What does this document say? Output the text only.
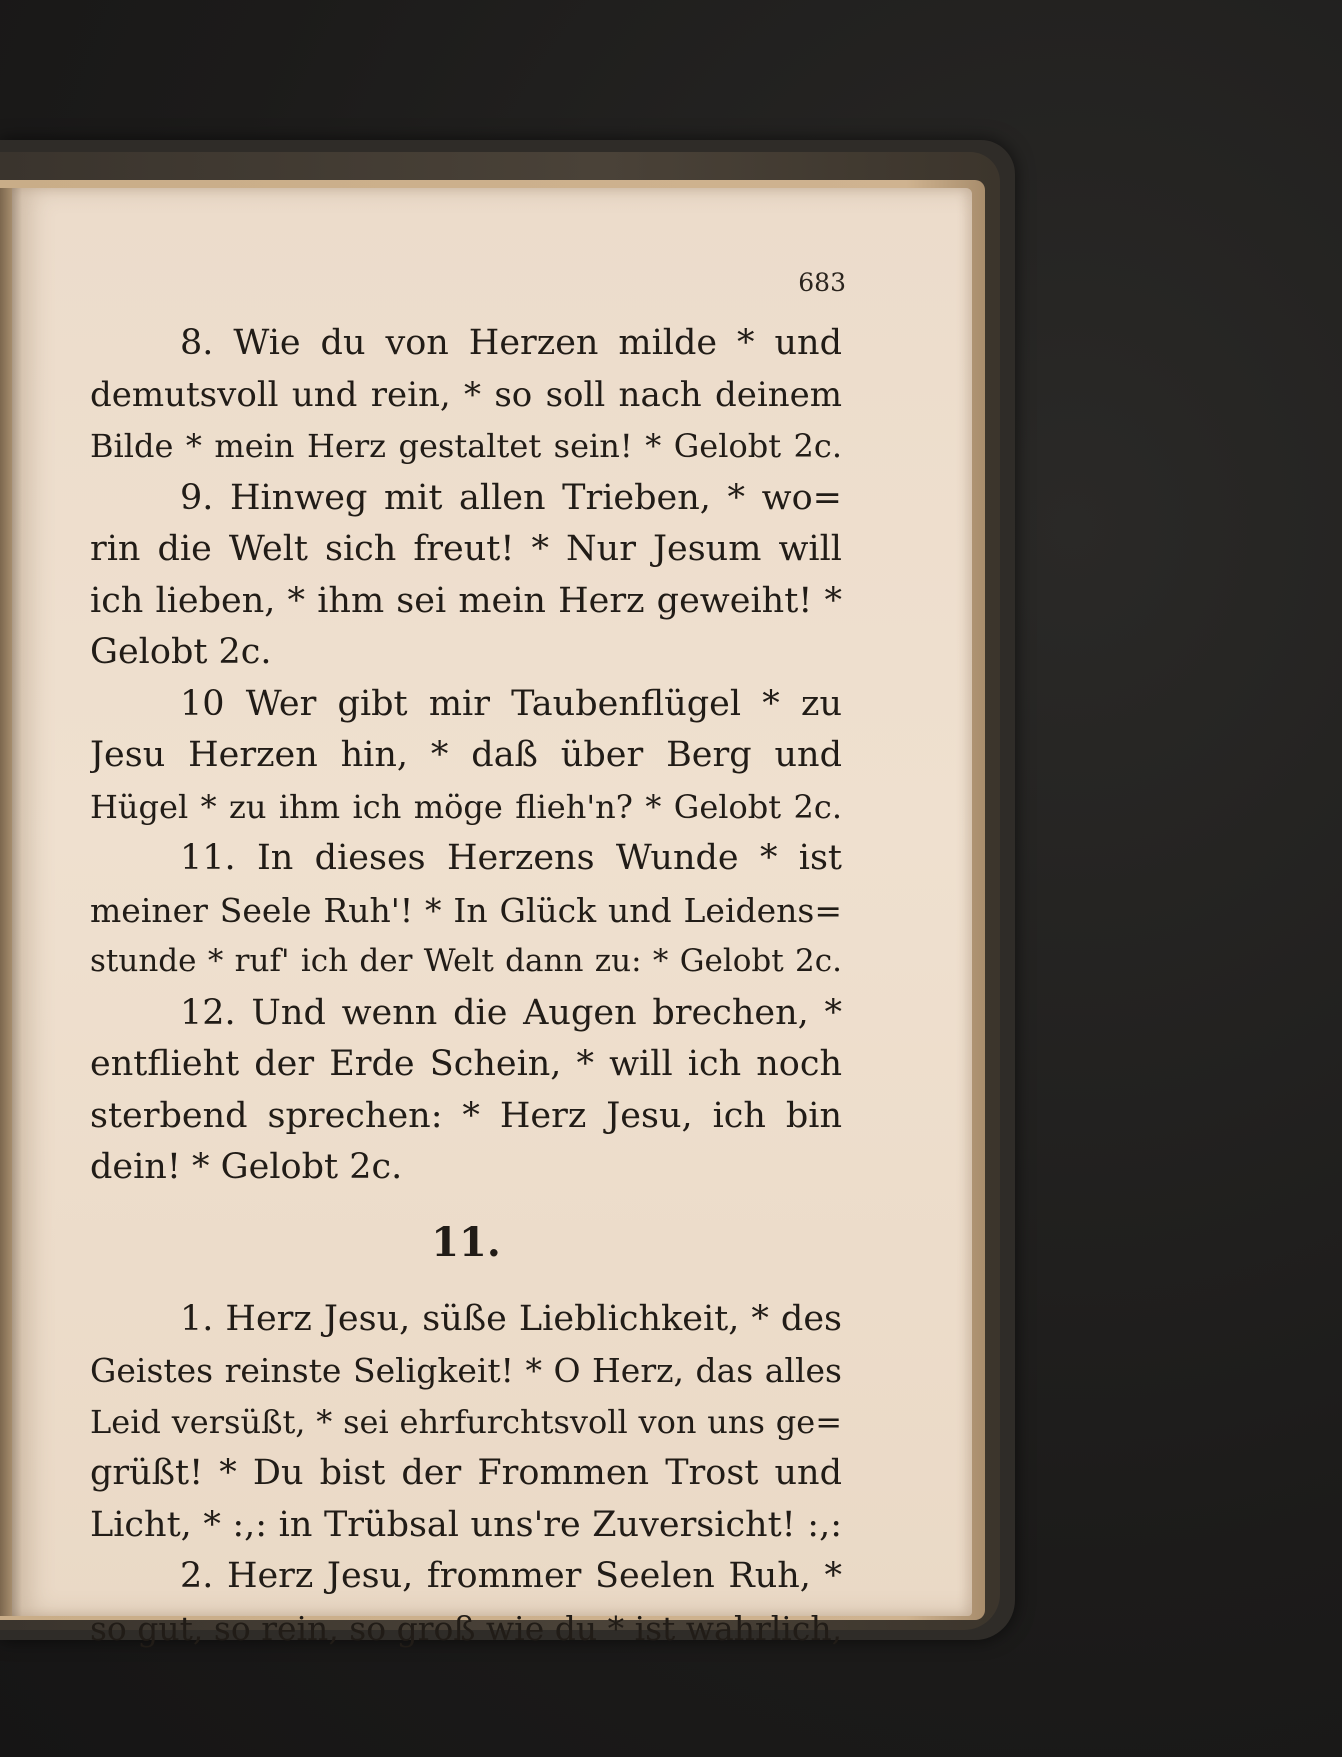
683
8. Wie du von Herzen milde * und
demutsvoll und rein, * so soll nach deinem
Bilde * mein Herz gestaltet sein! * Gelobt 2c.
9. Hinweg mit allen Trieben, * wo=
rin die Welt sich freut! * Nur Jesum will
ich lieben, * ihm sei mein Herz geweiht! *
Gelobt 2c.
10 Wer gibt mir Taubenflügel * zu
Jesu Herzen hin, * daß über Berg und
Hügel * zu ihm ich möge flieh'n? * Gelobt 2c.
11. In dieses Herzens Wunde * ist
meiner Seele Ruh'! * In Glück und Leidens=
stunde * ruf' ich der Welt dann zu: * Gelobt 2c.
12. Und wenn die Augen brechen, *
entflieht der Erde Schein, * will ich noch
sterbend sprechen: * Herz Jesu, ich bin
dein! * Gelobt 2c.
11.
1. Herz Jesu, süße Lieblichkeit, * des
Geistes reinste Seligkeit! * O Herz, das alles
Leid versüßt, * sei ehrfurchtsvoll von uns ge=
grüßt! * Du bist der Frommen Trost und
Licht, * :,: in Trübsal uns're Zuversicht! :,:
2. Herz Jesu, frommer Seelen Ruh, *
so gut, so rein, so groß wie du * ist wahrlich,
